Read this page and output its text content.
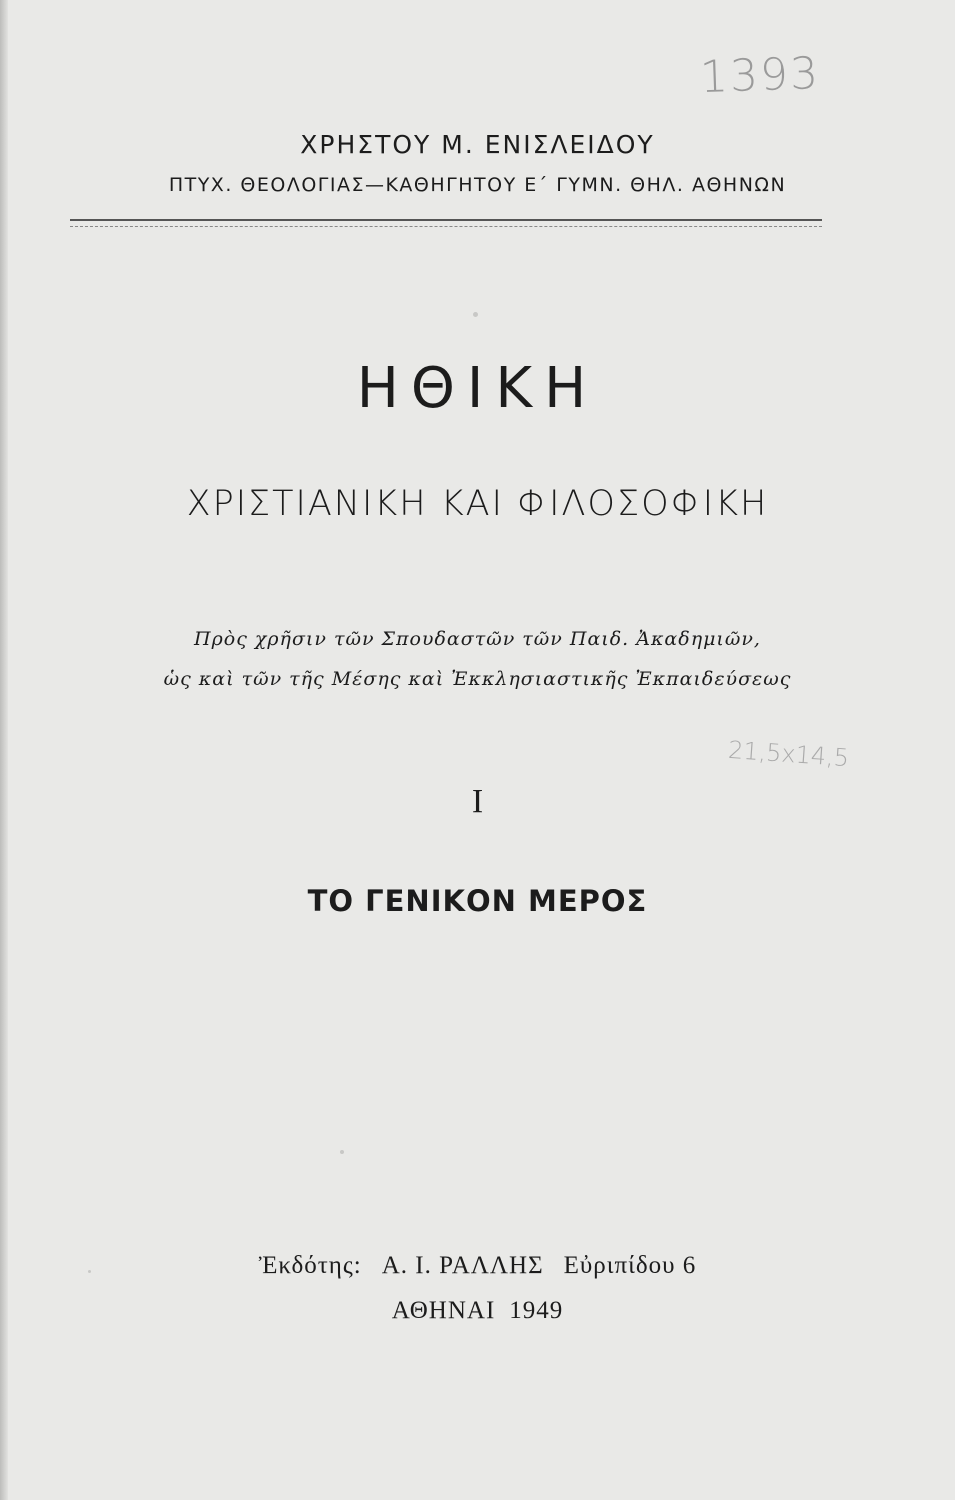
1393
ΧΡΗΣΤΟΥ Μ. ΕΝΙΣΛΕΙΔΟΥ
ΠΤΥΧ. ΘΕΟΛΟΓΙΑΣ—ΚΑΘΗΓΗΤΟΥ Ε΄ ΓΥΜΝ. ΘΗΛ. ΑΘΗΝΩΝ
ΗΘΙΚΗ
ΧΡΙΣΤΙΑΝΙΚΗ ΚΑΙ ΦΙΛΟΣΟΦΙΚΗ
Πρὸς χρῆσιν τῶν Σπουδαστῶν τῶν Παιδ. Ἀκαδημιῶν,
ὡς καὶ τῶν τῆς Μέσης καὶ Ἐκκλησιαστικῆς Ἐκπαιδεύσεως
21,5x14,5
Ι
ΤΟ ΓΕΝΙΚΟΝ ΜΕΡΟΣ
Ἐκδότης: Α. Ι. ΡΑΛΛΗΣ Εὐριπίδου 6
ΑΘΗΝΑΙ 1949
